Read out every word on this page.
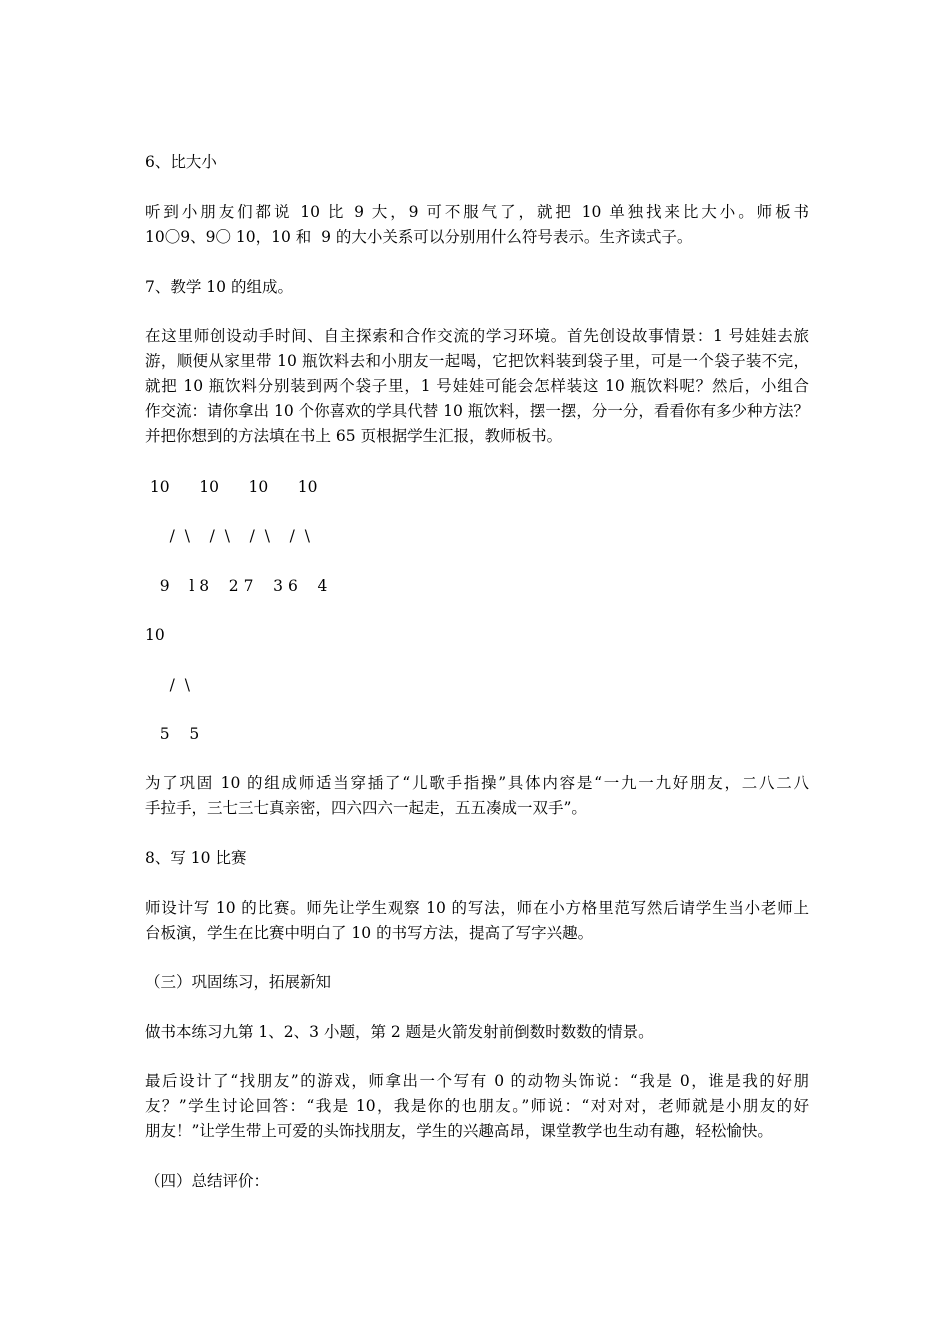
6、比大小
听到小朋友们都说 10 比 9 大，9 可不服气了，就把 10 单独找来比大小。师板书
10〇9、9〇 10，10 和  9 的大小关系可以分别用什么符号表示。生齐读式子。
7、教学 10 的组成。
在这里师创设动手时间、自主探索和合作交流的学习环境。首先创设故事情景：1 号娃娃去旅
游，顺便从家里带 10 瓶饮料去和小朋友一起喝，它把饮料装到袋子里，可是一个袋子装不完，
就把 10 瓶饮料分别装到两个袋子里，1 号娃娃可能会怎样装这 10 瓶饮料呢？然后，小组合
作交流：请你拿出 10 个你喜欢的学具代替 10 瓶饮料，摆一摆，分一分，看看你有多少种方法？
并把你想到的方法填在书上 65 页根据学生汇报，教师板书。
10      10      10      10
/  \    /  \    /  \    /  \
9    l 8    2 7    3 6    4
10
/  \
5    5
为了巩固 10 的组成师适当穿插了“儿歌手指操”具体内容是“一九一九好朋友，二八二八
手拉手，三七三七真亲密，四六四六一起走，五五凑成一双手”。
8、写 10 比赛
师设计写 10 的比赛。师先让学生观察 10 的写法，师在小方格里范写然后请学生当小老师上
台板演，学生在比赛中明白了 10 的书写方法，提高了写字兴趣。
（三）巩固练习，拓展新知
做书本练习九第 1、2、3 小题，第 2 题是火箭发射前倒数时数数的情景。
最后设计了“找朋友”的游戏，师拿出一个写有 0 的动物头饰说：“我是 0，谁是我的好朋
友？”学生讨论回答：“我是 10，我是你的也朋友。”师说：“对对对，老师就是小朋友的好
朋友！”让学生带上可爱的头饰找朋友，学生的兴趣高昂，课堂教学也生动有趣，轻松愉快。
（四）总结评价：
